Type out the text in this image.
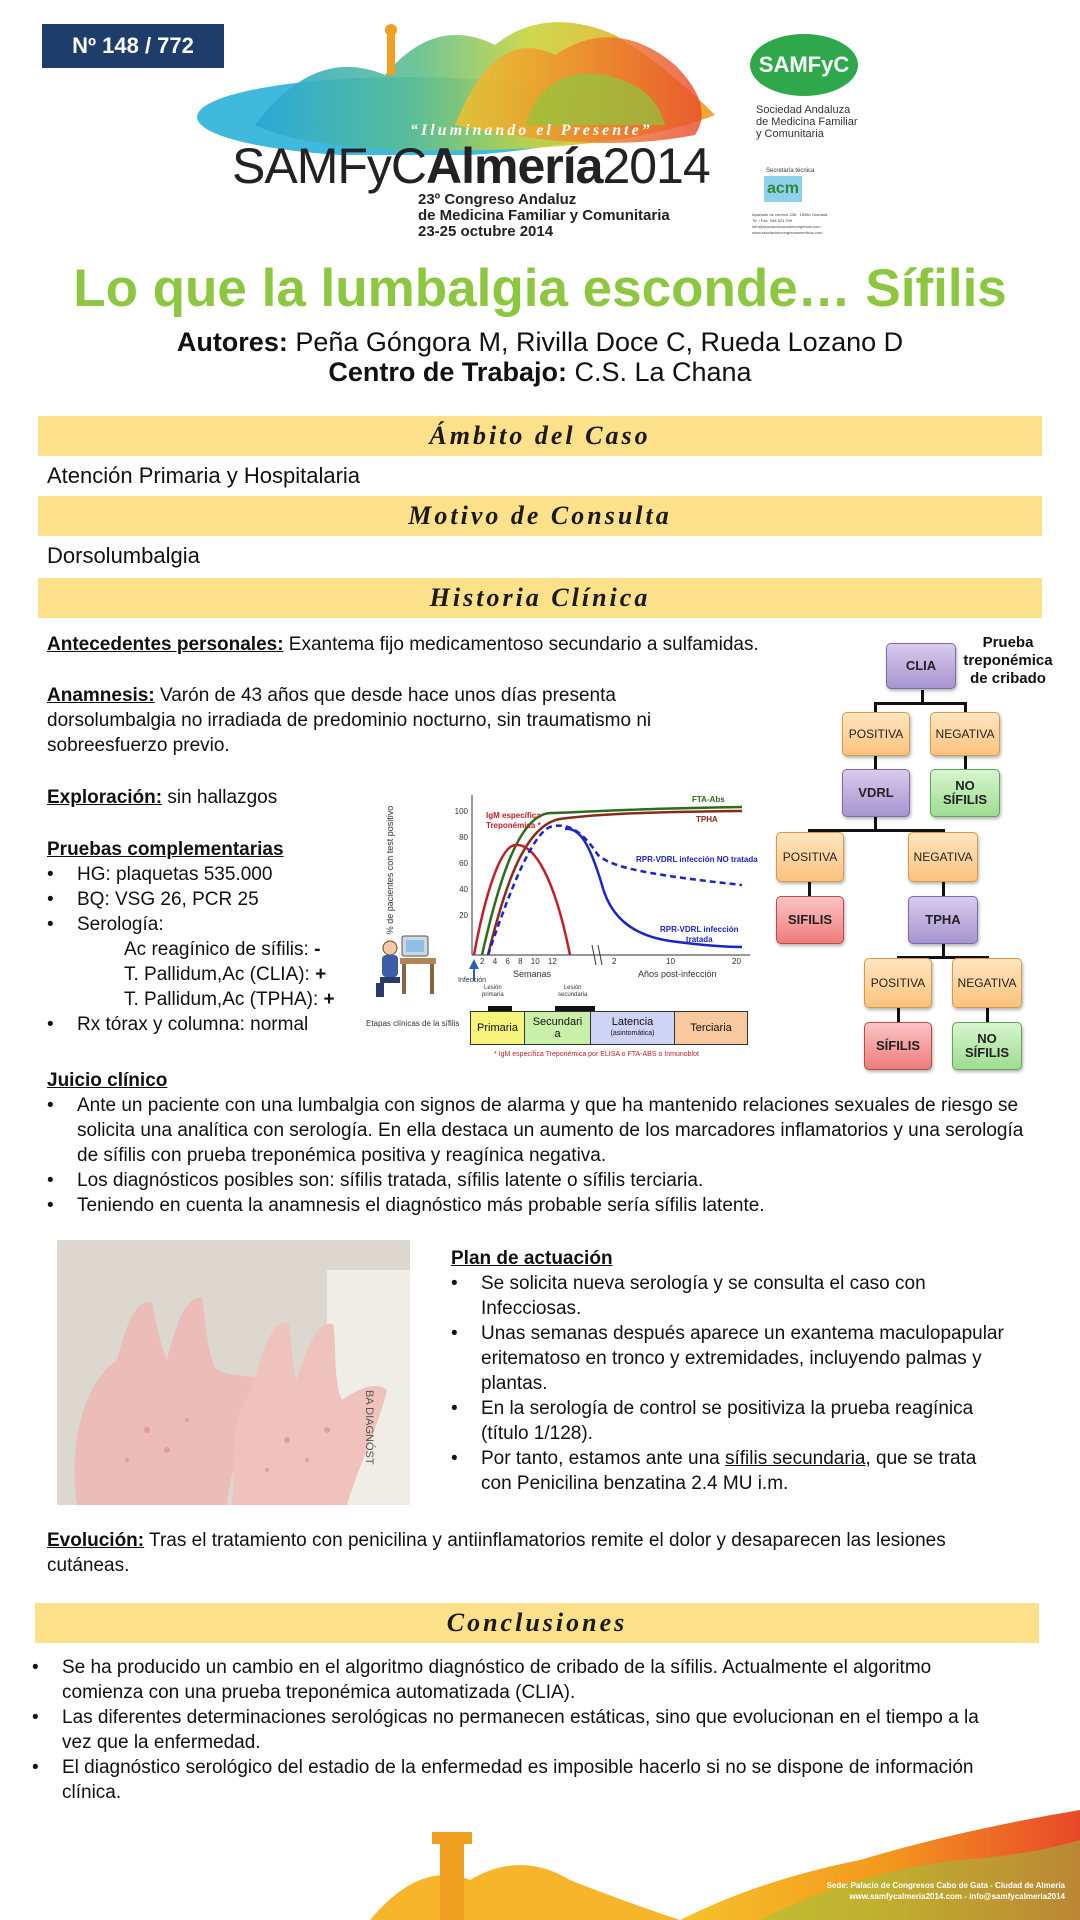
Nº 148 / 772
“Iluminando el Presente”
SAMFyCAlmería2014
23º Congreso Andaluz
de Medicina Familiar y Comunitaria
23-25 octubre 2014
SAMFyC
Sociedad Andaluza
de Medicina Familiar
y Comunitaria
Secretaría técnica
acm
Apartado de correos 338 · 18080 Granada
Tlf. / Fax. 958 523 299
info@asociacionacmdecongresos.com
www.asociacioncongresosmedicos.com
Lo que la lumbalgia esconde… Sífilis
Autores: Peña Góngora M, Rivilla Doce C, Rueda Lozano D
Centro de Trabajo: C.S. La Chana
Ámbito del Caso
Atención Primaria y Hospitalaria
Motivo de Consulta
Dorsolumbalgia
Historia Clínica
Antecedentes personales: Exantema fijo medicamentoso secundario a sulfamidas.
Anamnesis: Varón de 43 años que desde hace unos días presenta dorsolumbalgia no irradiada de predominio nocturno, sin traumatismo ni sobreesfuerzo previo.
Exploración: sin hallazgos
Pruebas complementarias
• HG: plaquetas 535.000
• BQ: VSG 26, PCR 25
• Serología:
Ac reagínico de sífilis: -
T. Pallidum,Ac (CLIA): +
T. Pallidum,Ac (TPHA): +
• Rx tórax y columna: normal
% de pacientes con test positivo	100
80
60
40
20
2 4 6 8 10 12	2	10	20
Semanas	Años post-infección
Infección
IgM específica
Treponémica *
FTA-Abs
TPHA
RPR-VDRL infección NO tratada
RPR-VDRL infección
tratada
Lesión
primaria
Lesión
secundaria
Etapas clínicas de la sífilis	Primaria	Secundari
a
Latencia
(asintomática)	Terciaria
* IgM específica Treponémica por ELISA o FTA-ABS o Inmunoblot
Prueba
treponémica
de cribado
CLIA
POSITIVA	NEGATIVA
VDRL	NO
SÍFILIS
POSITIVA	NEGATIVA
SIFILIS	TPHA
POSITIVA	NEGATIVA
SÍFILIS	NO
SÍFILIS
Juicio clínico
• Ante un paciente con una lumbalgia con signos de alarma y que ha mantenido relaciones sexuales de riesgo se solicita una analítica con serología. En ella destaca un aumento de los marcadores inflamatorios y una serología de sífilis con prueba treponémica positiva y reagínica negativa.
• Los diagnósticos posibles son: sífilis tratada, sífilis latente o sífilis terciaria.
• Teniendo en cuenta la anamnesis el diagnóstico más probable sería sífilis latente.
BA DIAGNÓST
Plan de actuación
• Se solicita nueva serología y se consulta el caso con Infecciosas.
• Unas semanas después aparece un exantema maculopapular eritematoso en tronco y extremidades, incluyendo palmas y plantas.
• En la serología de control se positiviza la prueba reagínica (título 1/128).
• Por tanto, estamos ante una sífilis secundaria, que se trata con Penicilina benzatina 2.4 MU i.m.
Evolución: Tras el tratamiento con penicilina y antiinflamatorios remite el dolor y desaparecen las lesiones cutáneas.
Conclusiones
• Se ha producido un cambio en el algoritmo diagnóstico de cribado de la sífilis. Actualmente el algoritmo comienza con una prueba treponémica automatizada (CLIA).
• Las diferentes determinaciones serológicas no permanecen estáticas, sino que evolucionan en el tiempo a la vez que la enfermedad.
• El diagnóstico serológico del estadio de la enfermedad es imposible hacerlo si no se dispone de información clínica.
Sede: Palacio de Congresos Cabo de Gata - Ciudad de Almería
www.samfycalmeria2014.com - info@samfycalmeria2014
